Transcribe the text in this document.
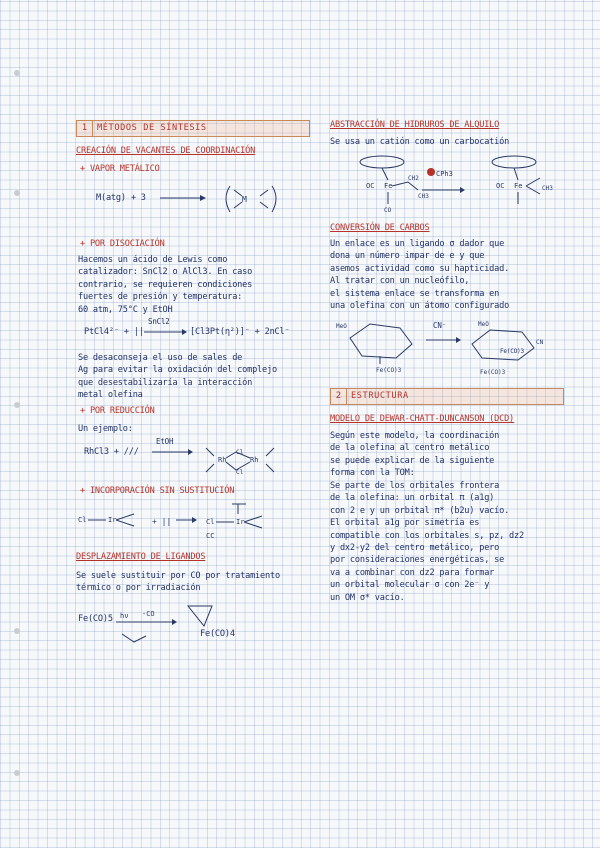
1	MÉTODOS DE SÍNTESIS
CREACIÓN DE VACANTES DE COORDINACIÓN
+ VAPOR METÁLICO
M(atg) + 3	M
+ POR DISOCIACIÓN
Hacemos un ácido de Lewis como
catalizador: SnCl2 o AlCl3. En caso
contrario, se requieren condiciones
fuertes de presión y temperatura:
60 atm, 75°C y EtOH
PtCl4²⁻ + ||
SnCl2
→ [Cl3Pt(η²)]⁻ + 2nCl⁻
Se desaconseja el uso de sales de
Ag para evitar la oxidación del complejo
que desestabilizaría la interacción
metal olefina
+ POR REDUCCIÓN
Un ejemplo:
RhCl3 + ///
EtOH
Rh	Rh
Cl
Cl
+ INCORPORACIÓN SIN SUSTITUCIÓN
Cl	Ir	+ ||	Cl	Ir
CC
DESPLAZAMIENTO DE LIGANDOS
Se suele sustituir por CO por tratamiento
térmico o por irradiación
Fe(CO)5 hν -CO
Fe(CO)4
ABSTRACCIÓN DE HIDRUROS DE ALQUILO
Se usa un catión como un carbocatión
OC Fe
CO
CH2
CH3
CPh3
OC Fe	CH3
CONVERSIÓN DE CARBOS
Un enlace es un ligando σ dador que
dona un número impar de e y que
asemos actividad como su hapticidad.
Al tratar con un nucleófilo,
el sistema enlace se transforma en
una olefina con un átomo configurado
MeO
Fe(CO)3
MeO
CN
Fe(CO)3
CN⁻
Fe(CO)3
2	ESTRUCTURA
MODELO DE DEWAR-CHATT-DUNCANSON (DCD)
Según este modelo, la coordinación
de la olefina al centro metálico
se puede explicar de la siguiente
forma con la TOM:
Se parte de los orbitales frontera
de la olefina: un orbital π (a1g)
con 2 e y un orbital π* (b2u) vacío.
El orbital a1g por simetría es
compatible con los orbitales s, pz, dz2
y dx2-y2 del centro metálico, pero
por consideraciones energéticas, se
va a combinar con dz2 para formar
un orbital molecular σ con 2e⁻ y
un OM σ* vacío.
